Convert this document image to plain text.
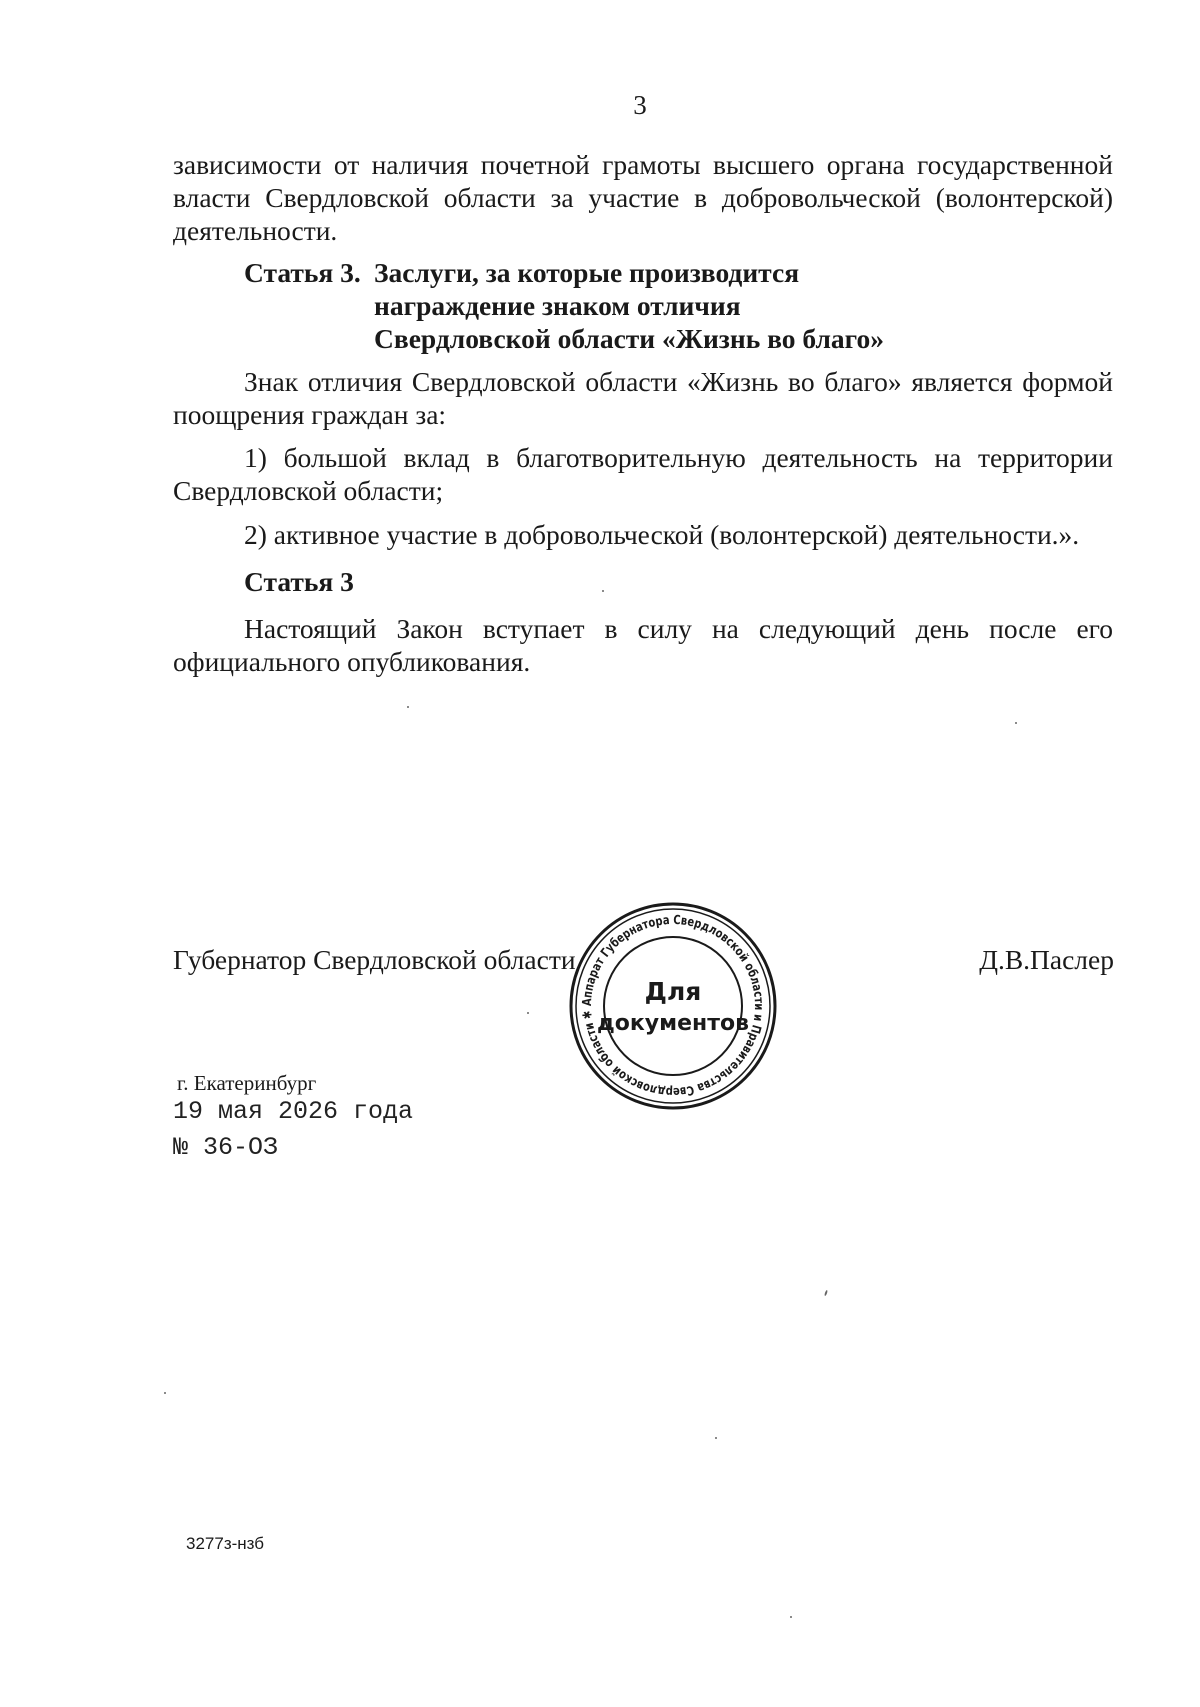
3
зависимости от наличия почетной грамоты высшего органа государственной власти Свердловской области за участие в добровольческой (волонтерской) деятельности.
Статья 3. Заслуги, за которые производится
награждение знаком отличия
Свердловской области «Жизнь во благо»
Знак отличия Свердловской области «Жизнь во благо» является формой поощрения граждан за:
1) большой вклад в благотворительную деятельность на территории Свердловской области;
2) активное участие в добровольческой (волонтерской) деятельности.».
Статья 3
Настоящий Закон вступает в силу на следующий день после его официального опубликования.
Губернатор Свердловской области	Д.В.Паслер
Аппарат Губернатора Свердловской области и Правительства Свердловской области ✱
Для
документов
г. Екатеринбург
19 мая 2026 года
№ 36-ОЗ
3277з-нзб
